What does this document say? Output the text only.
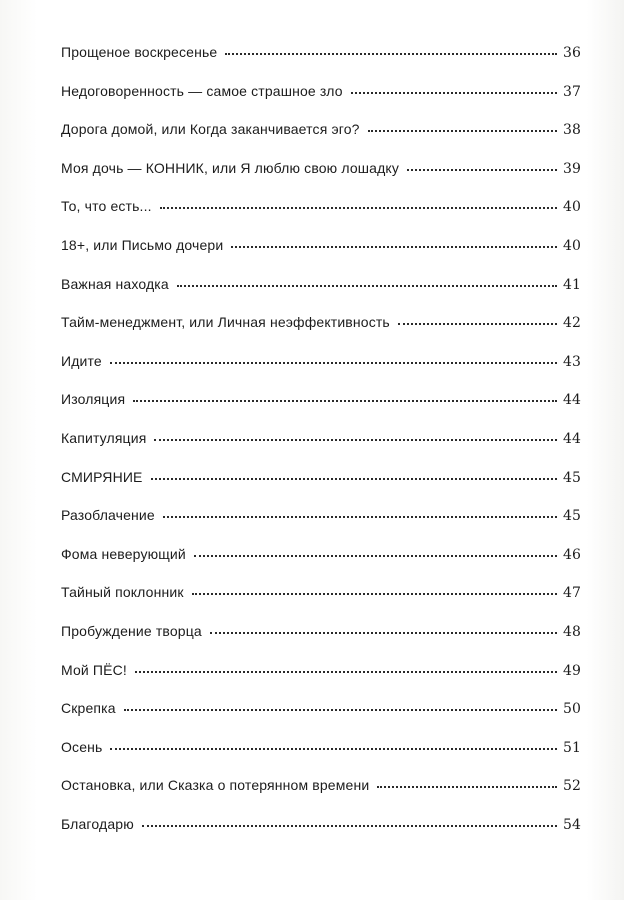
Прощеное воскресенье	36
Недоговоренность — самое страшное зло	37
Дорога домой, или Когда заканчивается эго?	38
Моя дочь — КОННИК, или Я люблю свою лошадку	39
То, что есть...	40
18+, или Письмо дочери	40
Важная находка	41
Тайм-менеджмент, или Личная неэффективность	42
Идите	43
Изоляция	44
Капитуляция	44
СМИРЯНИЕ	45
Разоблачение	45
Фома неверующий	46
Тайный поклонник	47
Пробуждение творца	48
Мой ПЁС!	49
Скрепка	50
Осень	51
Остановка, или Сказка о потерянном времени	52
Благодарю	54
